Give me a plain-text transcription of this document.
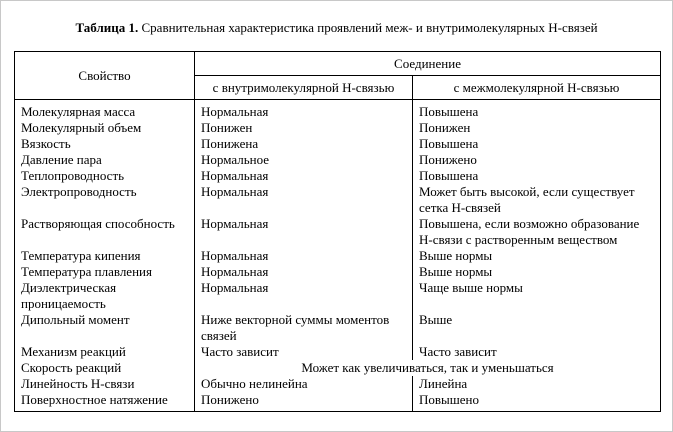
Таблица 1. Сравнительная характеристика проявлений меж- и внутримолекулярных Н-связей
Свойство	Соединение	
	с внутримолекулярной Н-связью	с межмолекулярной Н-связью
Молекулярная масса	Нормальная	Повышена
Молекулярный объем	Понижен	Понижен
Вязкость	Понижена	Повышена
Давление пара	Нормальное	Понижено
Теплопроводность	Нормальная	Повышена
Электропроводность	Нормальная	Может быть высокой, если существует сетка Н-связей
Растворяющая способность	Нормальная	Повышена, если возможно образование Н-связи с растворенным веществом
Температура кипения	Нормальная	Выше нормы
Температура плавления	Нормальная	Выше нормы
Диэлектрическая проницаемость	Нормальная	Чаще выше нормы
Дипольный момент	Ниже векторной суммы моментов связей	Выше
Механизм реакций	Часто зависит	Часто зависит
Скорость реакций	Может как увеличиваться, так и уменьшаться	
Линейность Н-связи	Обычно нелинейна	Линейна
Поверхностное натяжение	Понижено	Повышено
